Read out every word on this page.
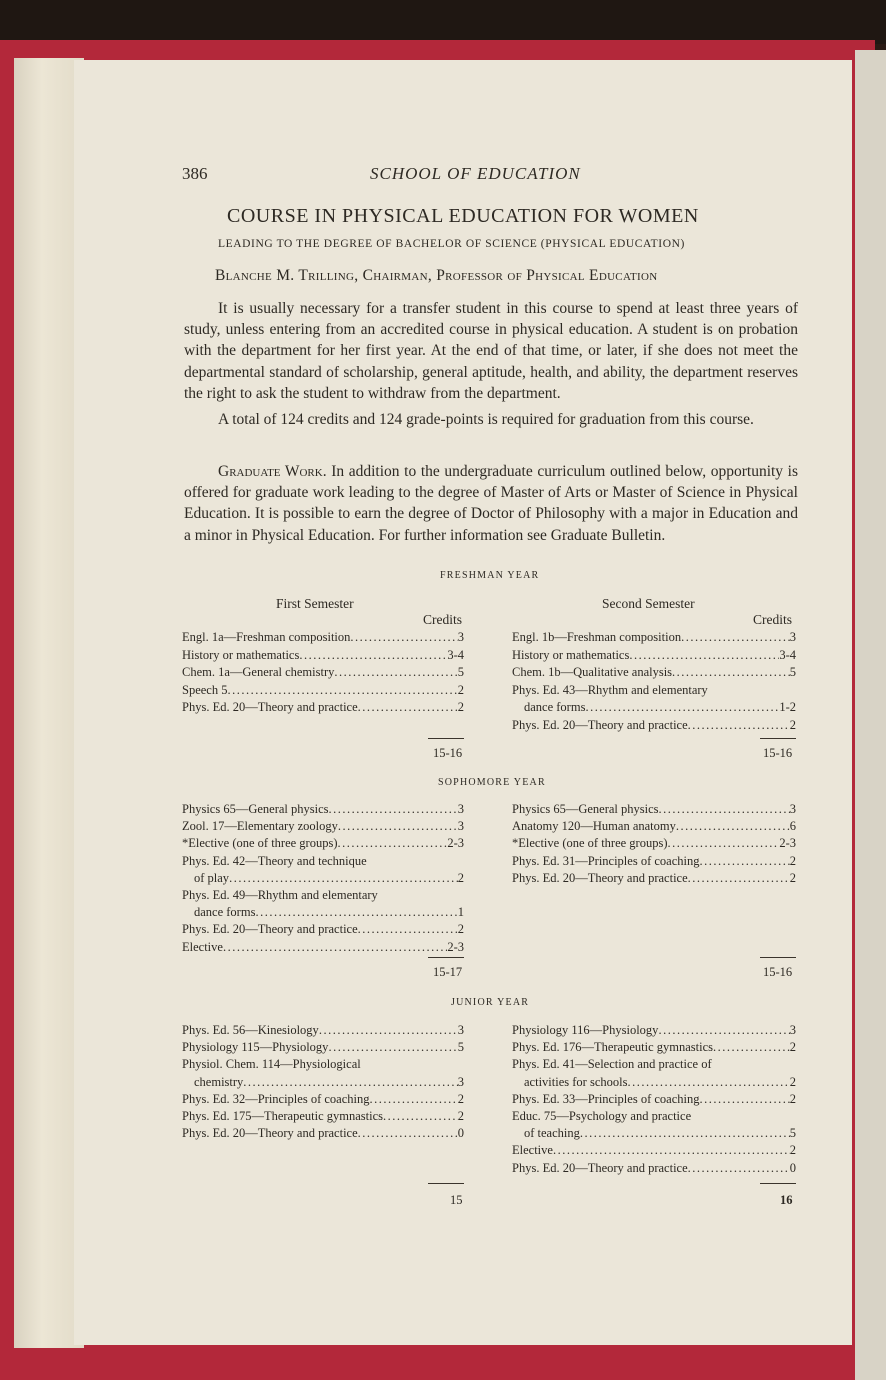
386	SCHOOL OF EDUCATION
COURSE IN PHYSICAL EDUCATION FOR WOMEN
LEADING TO THE DEGREE OF BACHELOR OF SCIENCE (PHYSICAL EDUCATION)
Blanche M. Trilling, Chairman, Professor of Physical Education
It is usually necessary for a transfer student in this course to spend at least three years of study, unless entering from an accredited course in physical education. A student is on probation with the department for her first year. At the end of that time, or later, if she does not meet the departmental standard of scholarship, general aptitude, health, and ability, the department reserves the right to ask the student to withdraw from the department.
A total of 124 credits and 124 grade-points is required for graduation from this course.
Graduate Work. In addition to the undergraduate curriculum outlined below, opportunity is offered for graduate work leading to the degree of Master of Arts or Master of Science in Physical Education. It is possible to earn the degree of Doctor of Philosophy with a major in Education and a minor in Physical Education. For further information see Graduate Bulletin.
FRESHMAN YEAR
First Semester	Second Semester
Credits	Credits
Engl. 1a—Freshman composition .....	3
History or mathematics .....	3-4
Chem. 1a—General chemistry .....	5
Speech 5 .....	2
Phys. Ed. 20—Theory and practice .....	2
Engl. 1b—Freshman composition .....	3
History or mathematics .....	3-4
Chem. 1b—Qualitative analysis .....	5
Phys. Ed. 43—Rhythm and elementary
dance forms .....	1-2
Phys. Ed. 20—Theory and practice .....	2
15-16	15-16
SOPHOMORE YEAR
Physics 65—General physics .....	3
Zool. 17—Elementary zoology .....	3
*Elective (one of three groups) .....	2-3
Phys. Ed. 42—Theory and technique
of play .....	2
Phys. Ed. 49—Rhythm and elementary
dance forms .....	1
Phys. Ed. 20—Theory and practice .....	2
Elective .....	2-3
Physics 65—General physics .....	3
Anatomy 120—Human anatomy .....	6
*Elective (one of three groups) .....	2-3
Phys. Ed. 31—Principles of coaching .....	2
Phys. Ed. 20—Theory and practice .....	2
15-17	15-16
JUNIOR YEAR
Phys. Ed. 56—Kinesiology .....	3
Physiology 115—Physiology .....	5
Physiol. Chem. 114—Physiological
chemistry .....	3
Phys. Ed. 32—Principles of coaching .....	2
Phys. Ed. 175—Therapeutic gymnastics .....	2
Phys. Ed. 20—Theory and practice .....	0
Physiology 116—Physiology .....	3
Phys. Ed. 176—Therapeutic gymnastics .....	2
Phys. Ed. 41—Selection and practice of
activities for schools .....	2
Phys. Ed. 33—Principles of coaching .....	2
Educ. 75—Psychology and practice
of teaching .....	5
Elective .....	2
Phys. Ed. 20—Theory and practice .....	0
15	16
